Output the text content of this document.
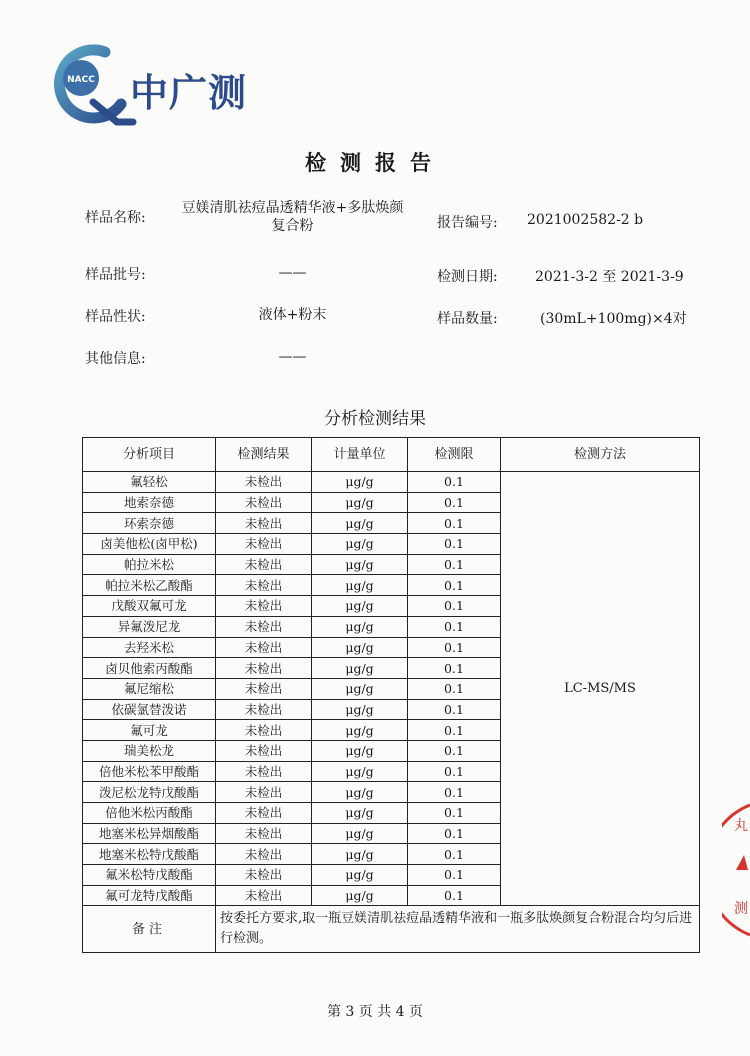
NACC 中广测
检测报告
样品名称:
豆媄清肌祛痘晶透精华液+多肽焕颜复合粉	报告编号: 2021002582-2 b
样品批号:	——	检测日期:	2021-3-2 至 2021-3-9
样品性状:	液体+粉末	样品数量:	(30mL+100mg)×4对
其他信息:	——
分析检测结果
分析项目	检测结果	计量单位	检测限	检测方法
氟轻松	未检出	μg/g	0.1	LC-MS/MS
地索奈德	未检出	μg/g	0.1	
环索奈德	未检出	μg/g	0.1	
卤美他松(卤甲松)	未检出	μg/g	0.1	
帕拉米松	未检出	μg/g	0.1	
帕拉米松乙酸酯	未检出	μg/g	0.1	
戊酸双氟可龙	未检出	μg/g	0.1	
异氟泼尼龙	未检出	μg/g	0.1	
去羟米松	未检出	μg/g	0.1	
卤贝他索丙酸酯	未检出	μg/g	0.1	
氟尼缩松	未检出	μg/g	0.1	
依碳氯替泼诺	未检出	μg/g	0.1	
氟可龙	未检出	μg/g	0.1	
瑞美松龙	未检出	μg/g	0.1	
倍他米松苯甲酸酯	未检出	μg/g	0.1	
泼尼松龙特戊酸酯	未检出	μg/g	0.1	
倍他米松丙酸酯	未检出	μg/g	0.1	
地塞米松异烟酸酯	未检出	μg/g	0.1	
地塞米松特戊酸酯	未检出	μg/g	0.1	
氟米松特戊酸酯	未检出	μg/g	0.1	
氟可龙特戊酸酯	未检出	μg/g	0.1	
备注	按委托方要求,取一瓶豆媄清肌祛痘晶透精华液和一瓶多肽焕颜复合粉混合均匀后进行检测。			
第 3 页 共 4 页
丸
测
